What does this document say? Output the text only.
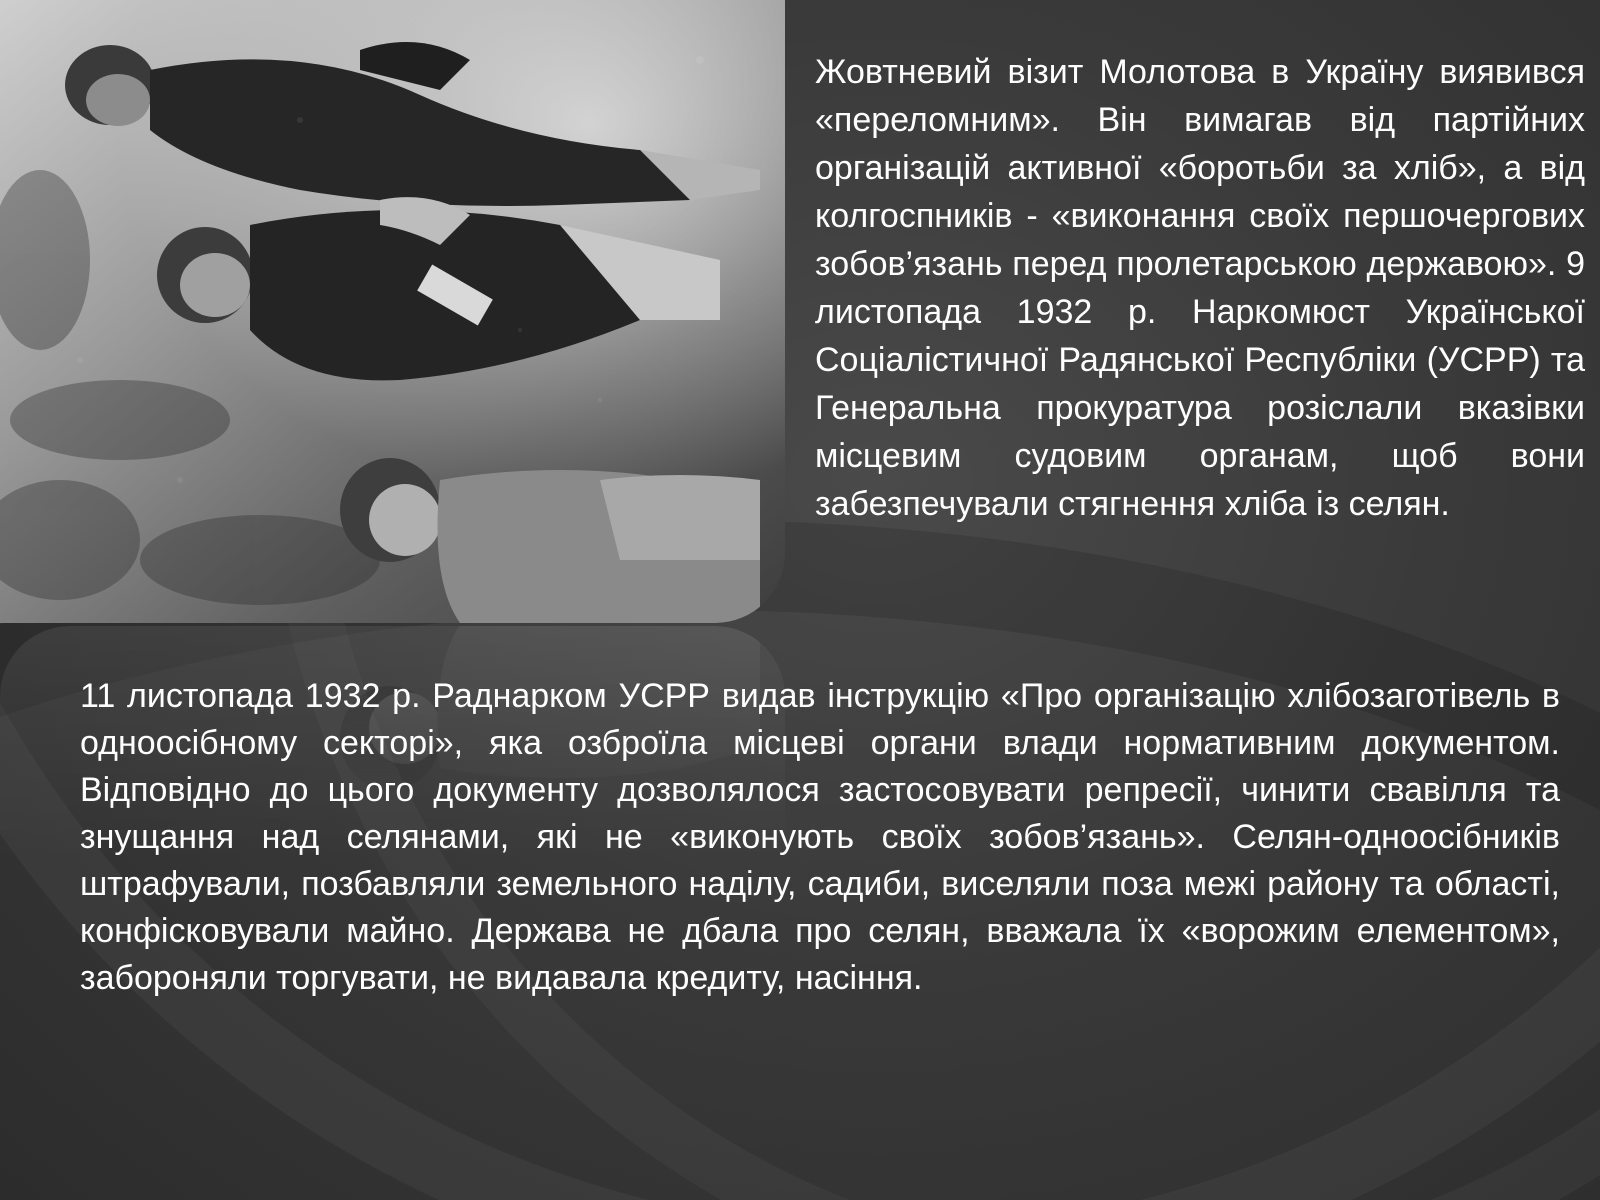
Жовтневий візит Молотова в Україну виявився «переломним». Він вимагав від партійних організацій активної «боротьби за хліб», а від колгоспників - «виконання своїх першочергових зобов’язань перед пролетарською державою». 9 листопада 1932 р. Наркомюст Української Соціалістичної Радянської Республіки (УСРР) та Генеральна прокуратура розіслали вказівки місцевим судовим органам, щоб вони забезпечували стягнення хліба із селян.

11 листопада 1932 р. Раднарком УСРР видав інструкцію «Про організацію хлібозаготівель в одноосібному секторі», яка озброїла місцеві органи влади нормативним документом. Відповідно до цього документу дозволялося застосовувати репресії, чинити свавілля та знущання над селянами, які не «виконують своїх зобов’язань». Селян-одноосібників штрафували, позбавляли земельного наділу, садиби, виселяли поза межі району та області, конфісковували майно. Держава не дбала про селян, вважала їх «ворожим елементом», забороняли торгувати, не видавала кредиту, насіння.
